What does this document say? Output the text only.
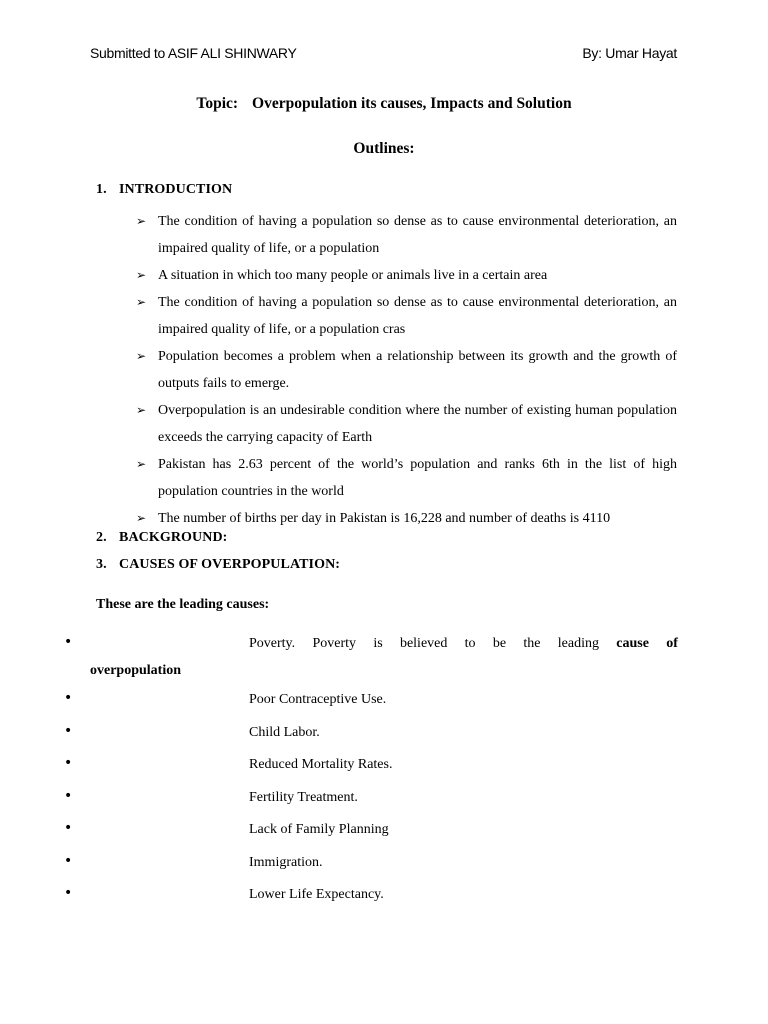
Submitted to ASIF ALI SHINWARY	By: Umar Hayat
Topic: Overpopulation its causes, Impacts and Solution
Outlines:
1. INTRODUCTION
➢ The condition of having a population so dense as to cause environmental deterioration, an impaired quality of life, or a population
➢ A situation in which too many people or animals live in a certain area
➢ The condition of having a population so dense as to cause environmental deterioration, an impaired quality of life, or a population cras
➢ Population becomes a problem when a relationship between its growth and the growth of outputs fails to emerge.
➢ Overpopulation is an undesirable condition where the number of existing human population exceeds the carrying capacity of Earth
➢ Pakistan has 2.63 percent of the world’s population and ranks 6th in the list of high population countries in the world
➢ The number of births per day in Pakistan is 16,228 and number of deaths is 4110
2. BACKGROUND:
3. CAUSES OF OVERPOPULATION:
These are the leading causes:
•	Poverty. Poverty is believed to be the leading cause of
overpopulation
•	Poor Contraceptive Use.
•	Child Labor.
•	Reduced Mortality Rates.
•	Fertility Treatment.
•	Lack of Family Planning
•	Immigration.
•	Lower Life Expectancy.
